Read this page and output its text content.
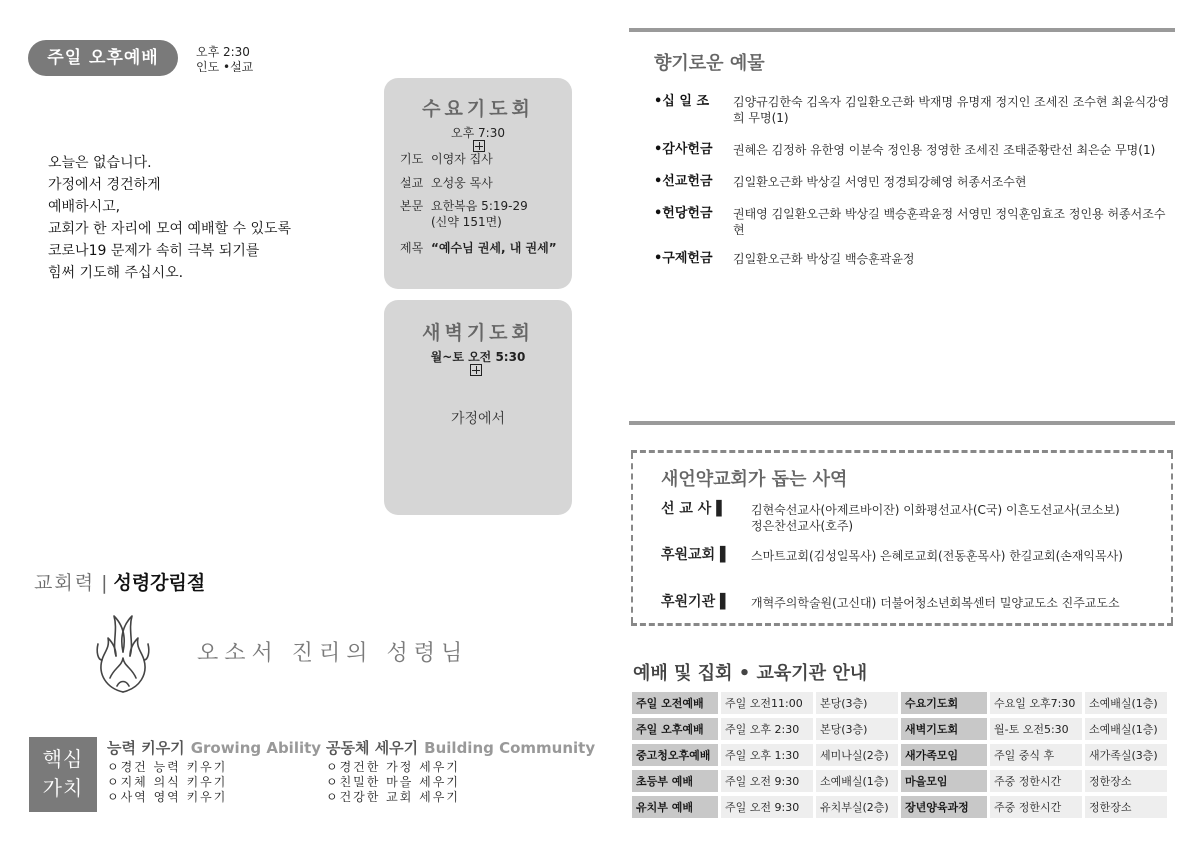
주일 오후예배	오후 2:30
인도 •설교
오늘은 없습니다.
가정에서 경건하게
예배하시고,
교회가 한 자리에 모여 예배할 수 있도록
코로나19 문제가 속히 극복 되기를
힘써 기도해 주십시오.
수요기도회
오후 7:30
기도 이영자 집사
설교 오성웅 목사
본문 요한복음 5:19-29
(신약 151면)
제목 “예수님 권세, 내 권세”
새벽기도회
월~토 오전 5:30
가정에서
교회력 | 성령강림절
오소서 진리의 성령님
핵심
가치
능력 키우기 Growing Ability
ㅇ경건 능력 키우기
ㅇ지체 의식 키우기
ㅇ사역 영역 키우기
공동체 세우기 Building Community
ㅇ경건한 가정 세우기
ㅇ친밀한 마을 세우기
ㅇ건강한 교회 세우기
향기로운 예물
•십 일 조 김양규김한숙 김옥자 김일환오근화 박재명 유명재 정지인 조세진 조수현 최윤식강영희 무명(1)
•감사헌금 권혜은 김정하 유한영 이분숙 정인용 정영한 조세진 조태준황란선 최은순 무명(1)
•선교헌금 김일환오근화 박상길 서영민 정경퇴강혜영 허종서조수현
•헌당헌금 권태영 김일환오근화 박상길 백승훈곽윤정 서영민 정익훈임효조 정인용 허종서조수현
•구제헌금 김일환오근화 박상길 백승훈곽윤정
새언약교회가 돕는 사역
선 교 사 ▌ 김현숙선교사(아제르바이잔) 이화평선교사(C국) 이흔도선교사(코소보)
정은찬선교사(호주)
후원교회 ▌ 스마트교회(김성일목사) 은혜로교회(전동훈목사) 한길교회(손재익목사)
후원기관 ▌ 개혁주의학술원(고신대) 더불어청소년회복센터 밀양교도소 진주교도소
예배 및 집회 • 교육기관 안내
주일 오전예배	주일 오전11:00	본당(3층)	수요기도회	수요일 오후7:30	소예배실(1층)
주일 오후예배	주일 오후 2:30	본당(3층)	새벽기도회	월-토 오전5:30	소예배실(1층)
중고청오후예배	주일 오후 1:30	세미나실(2층)	새가족모임	주일 중식 후	새가족실(3층)
초등부 예배	주일 오전 9:30	소예배실(1층)	마을모임	주중 정한시간	정한장소
유치부 예배	주일 오전 9:30	유치부실(2층)	장년양육과정	주중 정한시간	정한장소
